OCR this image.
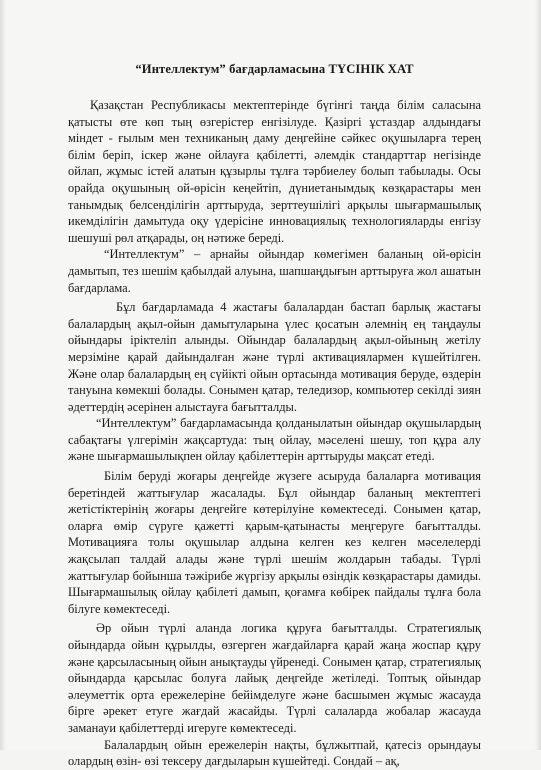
“Интеллектум” бағдарламасына ТҮСІНІК ХАТ

Қазақстан Республикасы мектептерінде бүгінгі таңда білім саласына қатысты өте көп тың өзгерістер енгізілуде. Қазіргі ұстаздар алдындағы міндет - ғылым мен техниканың даму деңгейіне сәйкес оқушыларға терең білім беріп, іскер және ойлауға қабілетті, әлемдік стандарттар негізінде ойлап, жұмыс істей алатын құзырлы тұлға тәрбиелеу болып табылады. Осы орайда оқушының ой-өрісін кеңейтіп, дүниетанымдық көзқарастары мен танымдық белсенділігін арттыруда, зерттеушілігі арқылы шығармашылық икемділігін дамытуда оқу үдерісіне инновациялық технологияларды енгізу шешуші рөл атқарады, оң нәтиже береді.

“Интеллектум” – арнайы ойындар көмегімен баланың ой-өрісін дамытып, тез шешім қабылдай алуына, шапшаңдығын арттыруға жол ашатын бағдарлама.

Бұл бағдарламада 4 жастағы балалардан бастап барлық жастағы балалардың ақыл-ойын дамытуларына үлес қосатын әлемнің ең таңдаулы ойындары іріктеліп алынды. Ойындар балалардың ақыл-ойының жетілу мерзіміне қарай дайындалған және түрлі активациялармен күшейтілген. Және олар балалардың ең сүйікті ойын ортасында мотивация беруде, өздерін тануына көмекші болады. Сонымен қатар, теледизор, компьютер секілді зиян әдеттердің әсерінен алыстауға бағытталды.

“Интеллектум” бағдарламасында қолданылатын ойындар оқушылардың сабақтағы үлгерімін жақсартуда: тың ойлау, мәселені шешу, топ құра алу және шығармашылықпен ойлау қабілеттерін арттыруды мақсат етеді.

Білім беруді жоғары деңгейде жүзеге асыруда балаларға мотивация беретіндей жаттығулар жасалады. Бұл ойындар баланың мектептегі жетістіктерінің жоғары деңгейге көтерілуіне көмектеседі. Сонымен қатар, оларға өмір сүруге қажетті қарым-қатынасты меңгеруге бағытталды. Мотивацияға толы оқушылар алдына келген кез келген мәселелерді жақсылап талдай алады және түрлі шешім жолдарын табады. Түрлі жаттығулар бойынша тәжірибе жүргізу арқылы өзіндік көзқарастары дамиды. Шығармашылық ойлау қабілеті дамып, қоғамға көбірек пайдалы тұлға бола білуге көмектеседі.

Әр ойын түрлі аланда логика құруға бағытталды. Стратегиялық ойындарда ойын құрылды, өзгерген жағдайларға қарай жаңа жоспар құру және қарсыласының ойын анықтауды үйренеді. Сонымен қатар, стратегиялық ойындарда қарсылас болуға лайық деңгейде жетіледі. Топтық ойындар әлеуметтік орта ережелеріне бейімделуге және басшымен жұмыс жасауда бірге әрекет етуге жағдай жасайды. Түрлі салаларда жобалар жасауда заманауи қабілеттерді игеруге көмектеседі.

Балалардың ойын ережелерін нақты, бұлжытпай, қатесіз орындауы олардың өзін- өзі тексеру дағдыларын күшейтеді. Сондай – ақ,
